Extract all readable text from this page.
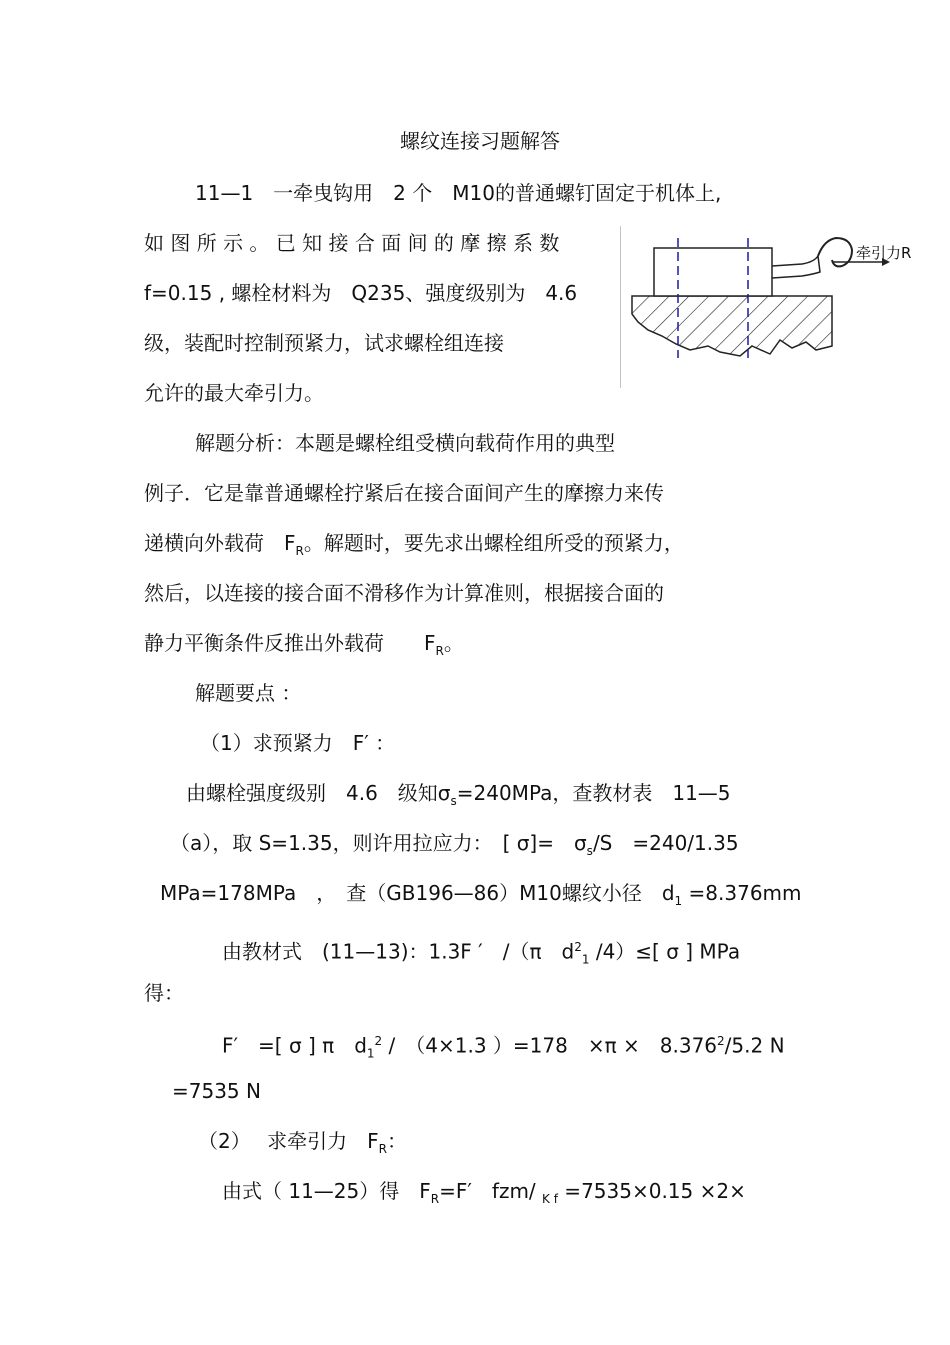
螺纹连接习题解答
11—1　一牵曳钩用　2 个　M10的普通螺钉固定于机体上,
如 图 所 示 。 已 知 接 合 面 间 的 摩 擦 系 数
f=0.15 , 螺栓材料为　Q235、强度级别为　4.6
级，装配时控制预紧力，试求螺栓组连接
允许的最大牵引力。
牵引力R
解题分析：本题是螺栓组受横向载荷作用的典型
例子．它是靠普通螺栓拧紧后在接合面间产生的摩擦力来传
递横向外载荷　$F_R$。解题时，要先求出螺栓组所受的预紧力，
然后，以连接的接合面不滑移作为计算准则，根据接合面的
静力平衡条件反推出外载荷　　$F_R$。
解题要点 ：
（1）求预紧力　F′ ：
由螺栓强度级别　4.6　级知$\sigma_s=240MPa$，查教材表　11—5
（a），取 S=1.35，则许用拉应力：　[ σ]=　$\sigma_s/S$　=240/1.35
MPa=178MPa　，　查（GB196—86）M10螺纹小径　$d_1 =8.376mm$
由教材式　(11—13)：1.3F ′　/（π　$d^2_1$ /4）≤[ σ ] MPa
得：
F′　=[ σ ] π　$d_1^2$ /　（4×1.3 ）=178　×π ×　$8.376^2/5.2$ N
=7535 N
（2）　 求牵引力　$F_R$：
由式（ 11—25）得　$F_R=F'$　fzm/ $_{K f}$ =7535×0.15 ×2×
